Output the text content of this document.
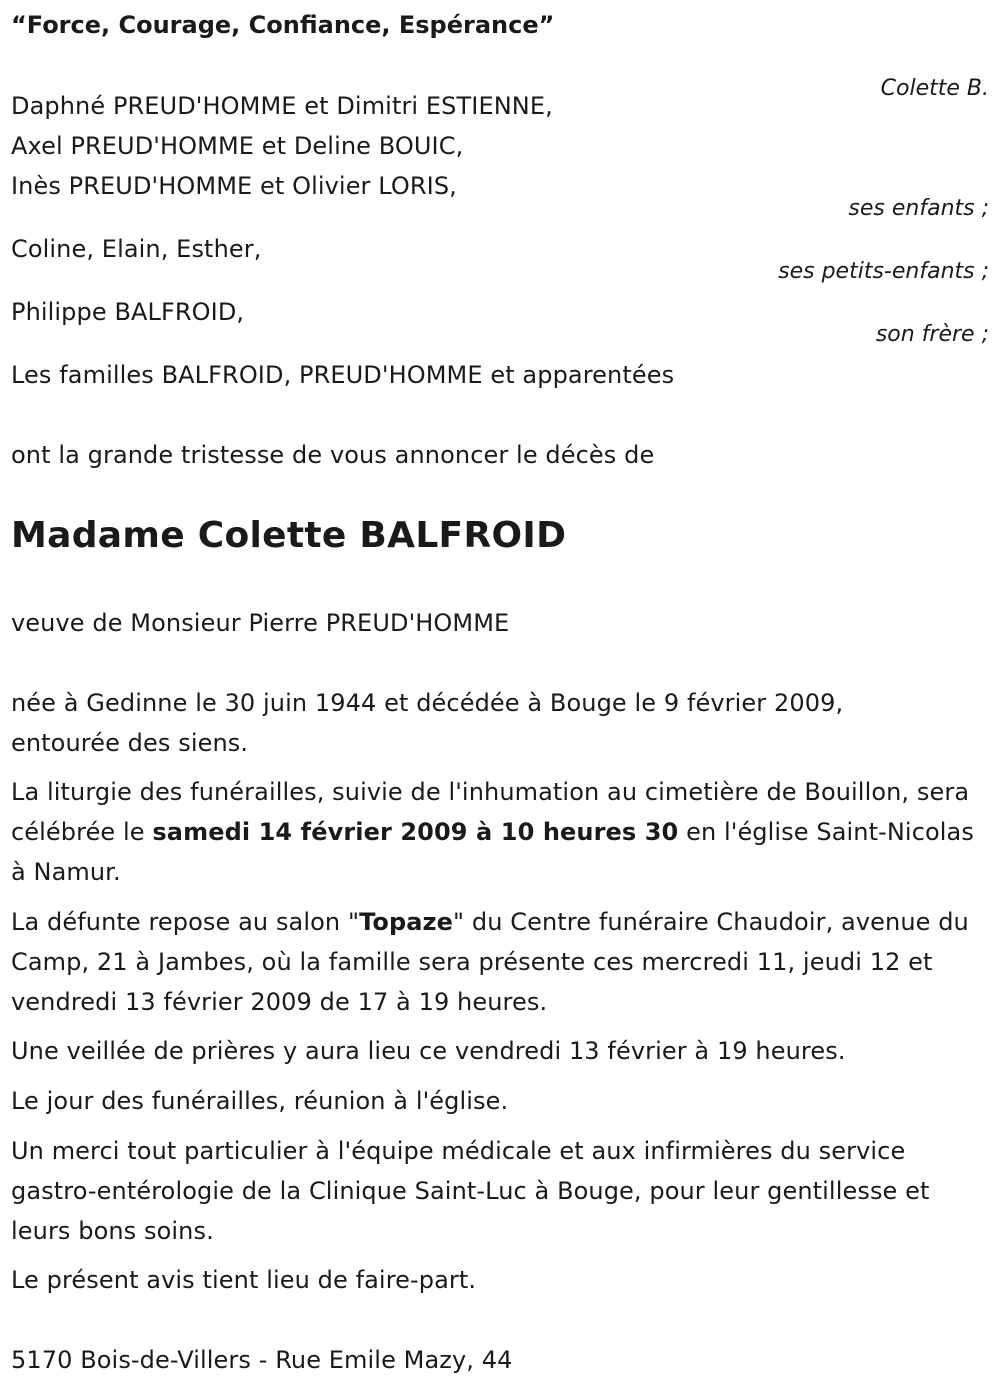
“Force, Courage, Confiance, Espérance”
Colette B.
Daphné PREUD'HOMME et Dimitri ESTIENNE,
Axel PREUD'HOMME et Deline BOUIC,
Inès PREUD'HOMME et Olivier LORIS,
ses enfants ;
Coline, Elain, Esther,
ses petits-enfants ;
Philippe BALFROID,
son frère ;
Les familles BALFROID, PREUD'HOMME et apparentées
ont la grande tristesse de vous annoncer le décès de
Madame Colette BALFROID
veuve de Monsieur Pierre PREUD'HOMME
née à Gedinne le 30 juin 1944 et décédée à Bouge le 9 février 2009,
entourée des siens.
La liturgie des funérailles, suivie de l'inhumation au cimetière de Bouillon, sera célébrée le samedi 14 février 2009 à 10 heures 30 en l'église Saint-Nicolas à Namur.
La défunte repose au salon "Topaze" du Centre funéraire Chaudoir, avenue du Camp, 21 à Jambes, où la famille sera présente ces mercredi 11, jeudi 12 et vendredi 13 février 2009 de 17 à 19 heures.
Une veillée de prières y aura lieu ce vendredi 13 février à 19 heures.
Le jour des funérailles, réunion à l'église.
Un merci tout particulier à l'équipe médicale et aux infirmières du service gastro-entérologie de la Clinique Saint-Luc à Bouge, pour leur gentillesse et leurs bons soins.
Le présent avis tient lieu de faire-part.
5170 Bois-de-Villers - Rue Emile Mazy, 44
